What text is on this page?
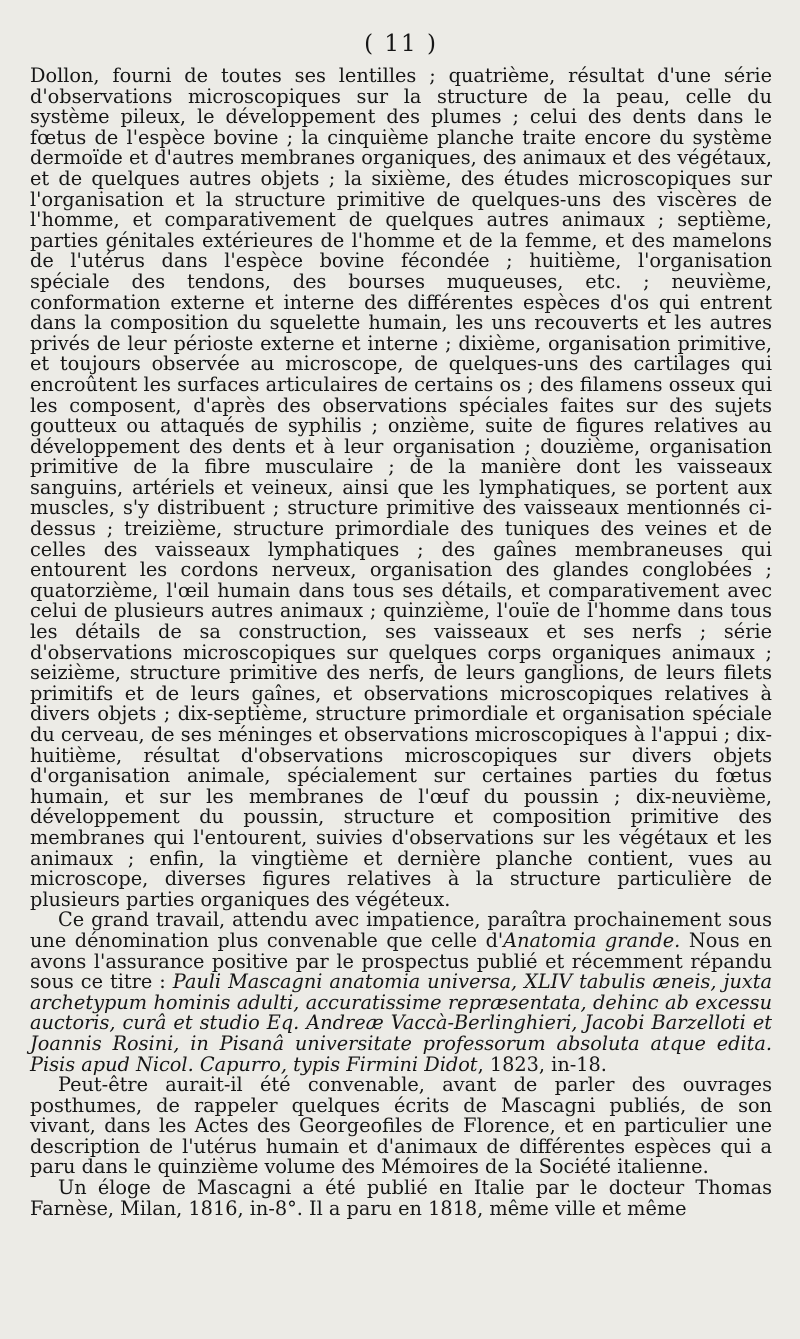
( 11 )

Dollon, fourni de toutes ses lentilles ; quatrième, résultat d'une série d'observations microscopiques sur la structure de la peau, celle du système pileux, le développement des plumes ; celui des dents dans le fœtus de l'espèce bovine ; la cinquième planche traite encore du système dermoïde et d'autres membranes organiques, des animaux et des végétaux, et de quelques autres objets ; la sixième, des études microscopiques sur l'organisation et la structure primitive de quelques-uns des viscères de l'homme, et comparativement de quelques autres animaux ; septième, parties génitales extérieures de l'homme et de la femme, et des mamelons de l'utérus dans l'espèce bovine fécondée ; huitième, l'organisation spéciale des tendons, des bourses muqueuses, etc. ; neuvième, conformation externe et interne des différentes espèces d'os qui entrent dans la composition du squelette humain, les uns recouverts et les autres privés de leur périoste externe et interne ; dixième, organisation primitive, et toujours observée au microscope, de quelques-uns des cartilages qui encroûtent les surfaces articulaires de certains os ; des filamens osseux qui les composent, d'après des observations spéciales faites sur des sujets goutteux ou attaqués de syphilis ; onzième, suite de figures relatives au développement des dents et à leur organisation ; douzième, organisation primitive de la fibre musculaire ; de la manière dont les vaisseaux sanguins, artériels et veineux, ainsi que les lymphatiques, se portent aux muscles, s'y distribuent ; structure primitive des vaisseaux mentionnés ci-dessus ; treizième, structure primordiale des tuniques des veines et de celles des vaisseaux lymphatiques ; des gaînes membraneuses qui entourent les cordons nerveux, organisation des glandes conglobées ; quatorzième, l'œil humain dans tous ses détails, et comparativement avec celui de plusieurs autres animaux ; quinzième, l'ouïe de l'homme dans tous les détails de sa construction, ses vaisseaux et ses nerfs ; série d'observations microscopiques sur quelques corps organiques animaux ; seizième, structure primitive des nerfs, de leurs ganglions, de leurs filets primitifs et de leurs gaînes, et observations microscopiques relatives à divers objets ; dix-septième, structure primordiale et organisation spéciale du cerveau, de ses méninges et observations microscopiques à l'appui ; dix-huitième, résultat d'observations microscopiques sur divers objets d'organisation animale, spécialement sur certaines parties du fœtus humain, et sur les membranes de l'œuf du poussin ; dix-neuvième, développement du poussin, structure et composition primitive des membranes qui l'entourent, suivies d'observations sur les végétaux et les animaux ; enfin, la vingtième et dernière planche contient, vues au microscope, diverses figures relatives à la structure particulière de plusieurs parties organiques des végéteux.

Ce grand travail, attendu avec impatience, paraîtra prochainement sous une dénomination plus convenable que celle d'Anatomia grande. Nous en avons l'assurance positive par le prospectus publié et récemment répandu sous ce titre : Pauli Mascagni anatomia universa, XLIV tabulis æneis, juxta archetypum hominis adulti, accuratissime repræsentata, dehinc ab excessu auctoris, curâ et studio Eq. Andreæ Vaccà-Berlinghieri, Jacobi Barzelloti et Joannis Rosini, in Pisanâ universitate professorum absoluta atque edita. Pisis apud Nicol. Capurro, typis Firmini Didot, 1823, in-18.

Peut-être aurait-il été convenable, avant de parler des ouvrages posthumes, de rappeler quelques écrits de Mascagni publiés, de son vivant, dans les Actes des Georgeofiles de Florence, et en particulier une description de l'utérus humain et d'animaux de différentes espèces qui a paru dans le quinzième volume des Mémoires de la Société italienne.

Un éloge de Mascagni a été publié en Italie par le docteur Thomas Farnèse, Milan, 1816, in-8°. Il a paru en 1818, même ville et même
